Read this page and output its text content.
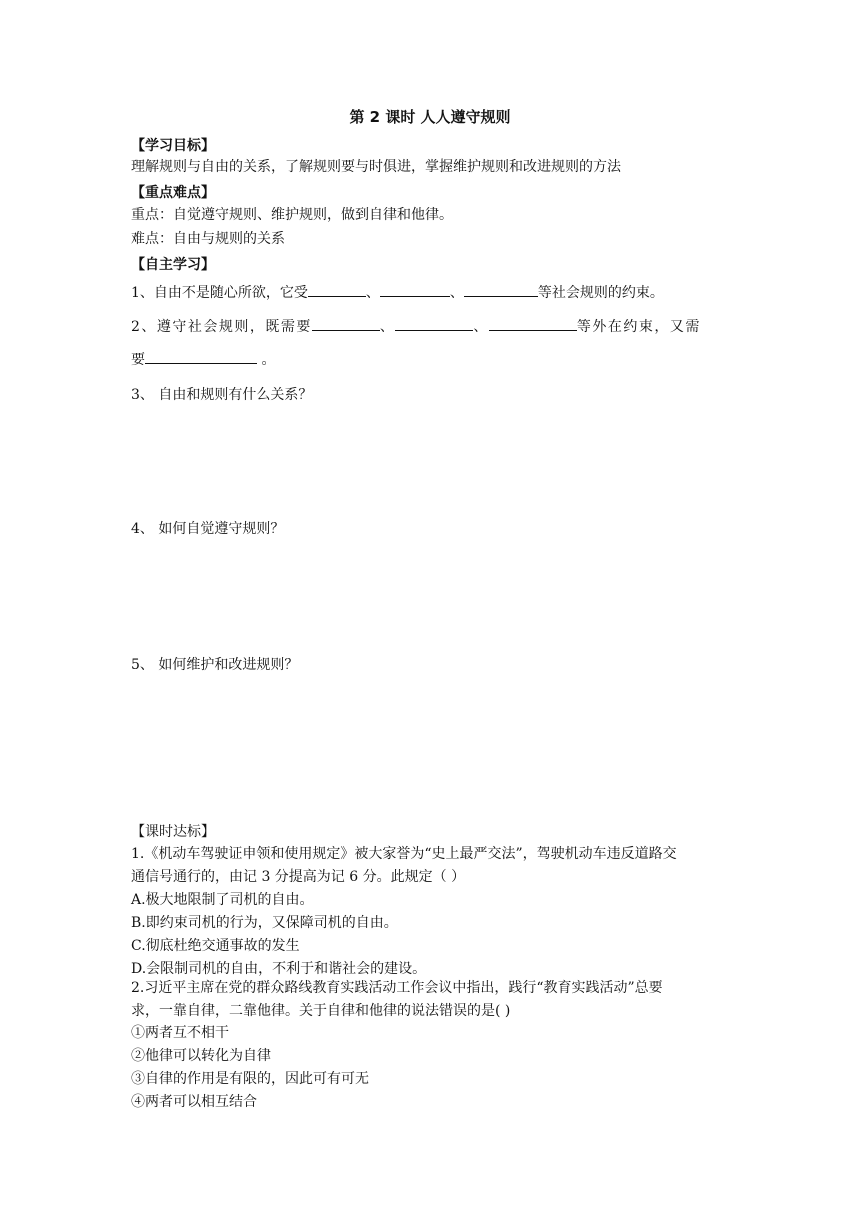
第 2 课时 人人遵守规则
【学习目标】
理解规则与自由的关系，了解规则要与时俱进，掌握维护规则和改进规则的方法
【重点难点】
重点：自觉遵守规则、维护规则，做到自律和他律。
难点：自由与规则的关系
【自主学习】
1、自由不是随心所欲，它受	、	、	等社会规则的约束。
2、遵守社会规则，既需要	、	、	等外在约束，又需
要	。
3、 自由和规则有什么关系？
4、 如何自觉遵守规则？
5、 如何维护和改进规则？
【课时达标】
1.《机动车驾驶证申领和使用规定》被大家誉为“史上最严交法”，驾驶机动车违反道路交
通信号通行的，由记 3 分提高为记 6 分。此规定（ ）
A.极大地限制了司机的自由。
B.即约束司机的行为，又保障司机的自由。
C.彻底杜绝交通事故的发生
D.会限制司机的自由，不利于和谐社会的建设。
2.习近平主席在党的群众路线教育实践活动工作会议中指出，践行“教育实践活动”总要
求，一靠自律，二靠他律。关于自律和他律的说法错误的是( )
①两者互不相干
②他律可以转化为自律
③自律的作用是有限的，因此可有可无
④两者可以相互结合
